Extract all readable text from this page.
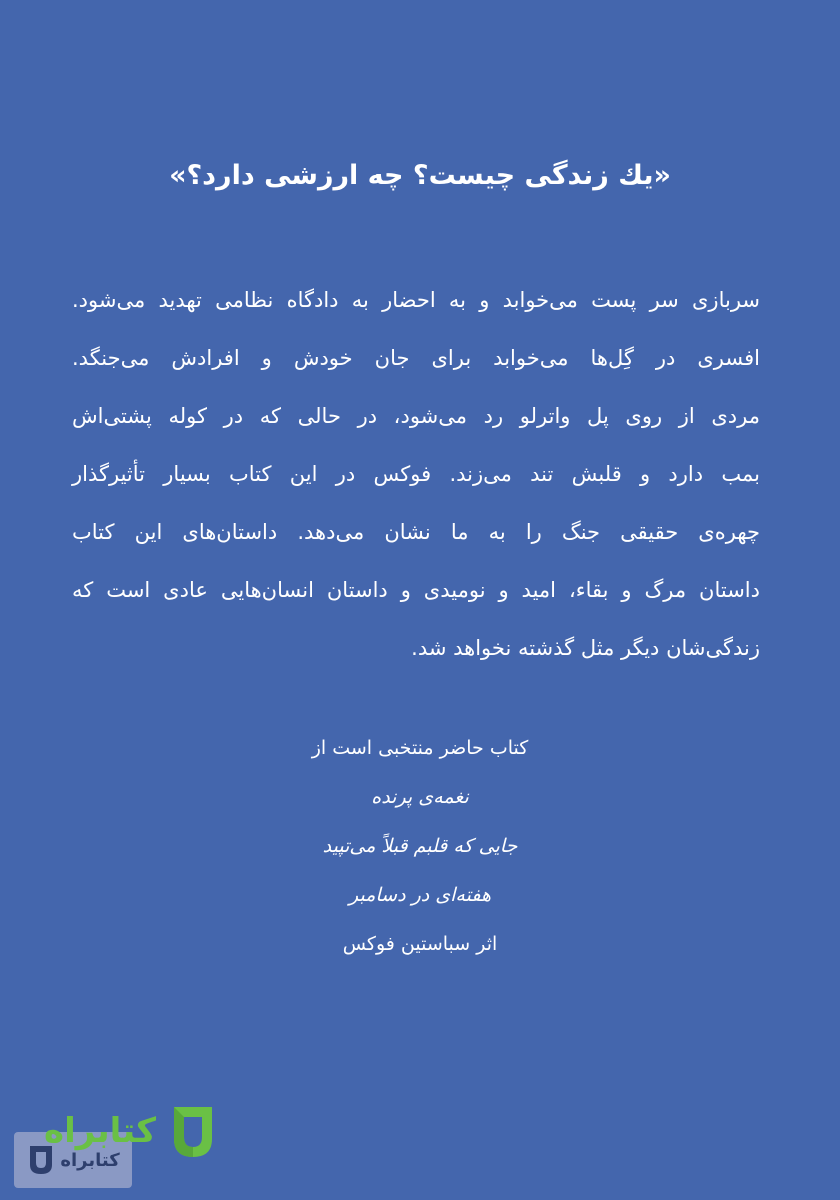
«یك زندگی چیست؟ چه ارزشی دارد؟»
سربازی سر پست می‌خوابد و به احضار به دادگاه نظامی تهدید می‌شود.
افسری در گِل‌ها می‌خوابد برای جان خودش و افرادش می‌جنگد.
مردی از روی پل واترلو رد می‌شود، در حالی که در کوله پشتی‌اش
بمب دارد و قلبش تند می‌زند. فوکس در این کتاب بسیار تأثیرگذار
چهره‌ی حقیقی جنگ را به ما نشان می‌دهد. داستان‌های این کتاب
داستان مرگ و بقاء، امید و نومیدی و داستان انسان‌هایی عادی است که
زندگی‌شان دیگر مثل گذشته نخواهد شد.
کتاب حاضر منتخبی است از
نغمه‌ی پرنده
جایی که قلبم قبلاً می‌تپید
هفته‌ای در دسامبر
اثر سباستین فوکس
کتابراه
کتابراه
